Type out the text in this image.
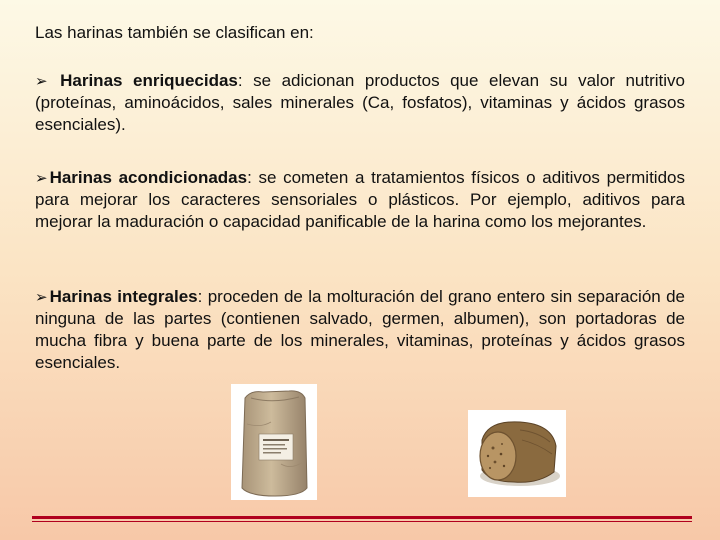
Las harinas también se clasifican en:

➢ Harinas enriquecidas: se adicionan productos que elevan su valor nutritivo (proteínas, aminoácidos, sales minerales (Ca, fosfatos), vitaminas y ácidos grasos esenciales).

➢ Harinas acondicionadas: se cometen a tratamientos físicos o aditivos permitidos para mejorar los caracteres sensoriales o plásticos. Por ejemplo, aditivos para mejorar la maduración o capacidad panificable de la harina como los mejorantes.

➢ Harinas integrales: proceden de la molturación del grano entero sin separación de ninguna de las partes (contienen salvado, germen, albumen), son portadoras de mucha fibra y buena parte de los minerales, vitaminas, proteínas y ácidos grasos esenciales.
